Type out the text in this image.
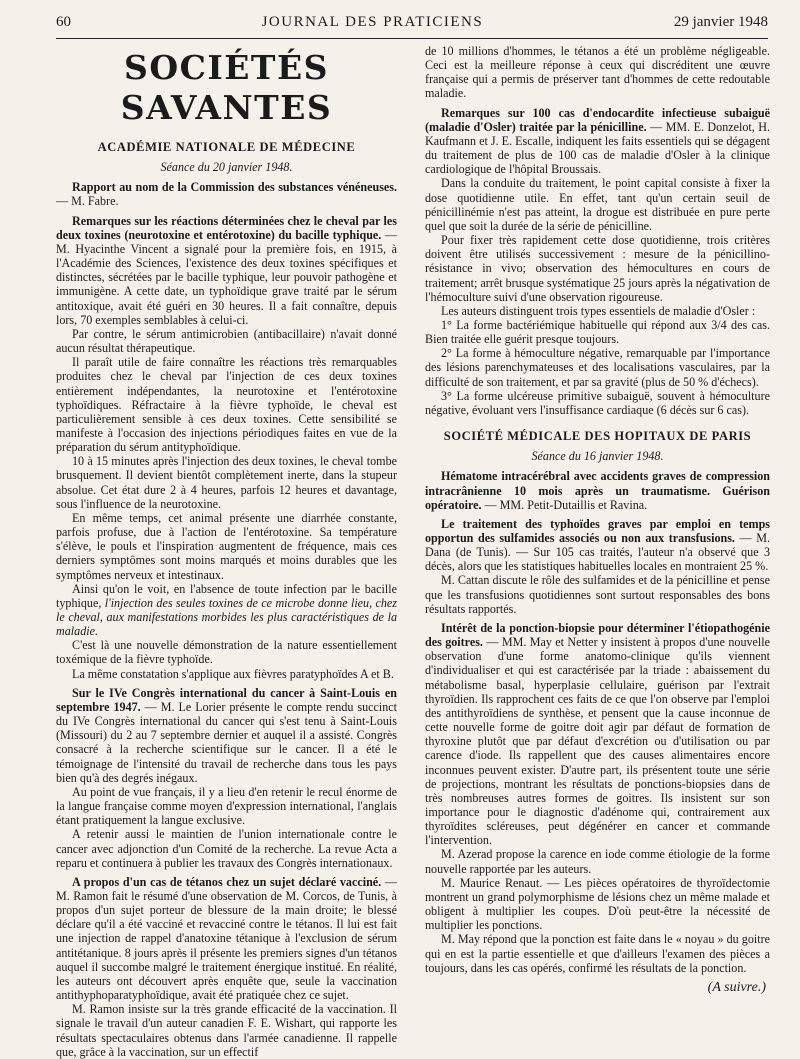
60	JOURNAL DES PRATICIENS	29 janvier 1948
SOCIÉTÉS SAVANTES
ACADÉMIE NATIONALE DE MÉDECINE
Séance du 20 janvier 1948.

Rapport au nom de la Commission des substances vénéneuses. — M. Fabre.

Remarques sur les réactions déterminées chez le cheval par les deux toxines (neurotoxine et entérotoxine) du bacille typhique. — M. Hyacinthe Vincent a signalé pour la première fois, en 1915, à l'Académie des Sciences, l'existence des deux toxines spécifiques et distinctes, sécrétées par le bacille typhique, leur pouvoir pathogène et immunigène. A cette date, un typhoïdique grave traité par le sérum antitoxique, avait été guéri en 30 heures. Il a fait connaître, depuis lors, 70 exemples semblables à celui-ci.

Par contre, le sérum antimicrobien (antibacillaire) n'avait donné aucun résultat thérapeutique.

Il paraît utile de faire connaître les réactions très remarquables produites chez le cheval par l'injection de ces deux toxines entièrement indépendantes, la neurotoxine et l'entérotoxine typhoïdiques. Réfractaire à la fièvre typhoïde, le cheval est particulièrement sensible à ces deux toxines. Cette sensibilité se manifeste à l'occasion des injections périodiques faites en vue de la préparation du sérum antityphoïdique.

10 à 15 minutes après l'injection des deux toxines, le cheval tombe brusquement. Il devient bientôt complètement inerte, dans la stupeur absolue. Cet état dure 2 à 4 heures, parfois 12 heures et davantage, sous l'influence de la neurotoxine.

En même temps, cet animal présente une diarrhée constante, parfois profuse, due à l'action de l'entérotoxine. Sa température s'élève, le pouls et l'inspiration augmentent de fréquence, mais ces derniers symptômes sont moins marqués et moins durables que les symptômes nerveux et intestinaux.

Ainsi qu'on le voit, en l'absence de toute infection par le bacille typhique, l'injection des seules toxines de ce microbe donne lieu, chez le cheval, aux manifestations morbides les plus caractéristiques de la maladie.

C'est là une nouvelle démonstration de la nature essentiellement toxémique de la fièvre typhoïde.

La même constatation s'applique aux fièvres paratyphoïdes A et B.

Sur le IVe Congrès international du cancer à Saint-Louis en septembre 1947. — M. Le Lorier présente le compte rendu succinct du IVe Congrès international du cancer qui s'est tenu à Saint-Louis (Missouri) du 2 au 7 septembre dernier et auquel il a assisté. Congrès consacré à la recherche scientifique sur le cancer. Il a été le témoignage de l'intensité du travail de recherche dans tous les pays bien qu'à des degrés inégaux.

Au point de vue français, il y a lieu d'en retenir le recul énorme de la langue française comme moyen d'expression international, l'anglais étant pratiquement la langue exclusive.

A retenir aussi le maintien de l'union internationale contre le cancer avec adjonction d'un Comité de la recherche. La revue Acta a reparu et continuera à publier les travaux des Congrès internationaux.

A propos d'un cas de tétanos chez un sujet déclaré vacciné. — M. Ramon fait le résumé d'une observation de M. Corcos, de Tunis, à propos d'un sujet porteur de blessure de la main droite; le blessé déclare qu'il a été vacciné et revacciné contre le tétanos. Il lui est fait une injection de rappel d'anatoxine tétanique à l'exclusion de sérum antitétanique. 8 jours après il présente les premiers signes d'un tétanos auquel il succombe malgré le traitement énergique institué. En réalité, les auteurs ont découvert après enquête que, seule la vaccination antithyphoparatyphoïdique, avait été pratiquée chez ce sujet.

M. Ramon insiste sur la très grande efficacité de la vaccination. Il signale le travail d'un auteur canadien F. E. Wishart, qui rapporte les résultats spectaculaires obtenus dans l'armée canadienne. Il rappelle que, grâce à la vaccination, sur un effectif

de 10 millions d'hommes, le tétanos a été un problème négligeable. Ceci est la meilleure réponse à ceux qui discréditent une œuvre française qui a permis de préserver tant d'hommes de cette redoutable maladie.

Remarques sur 100 cas d'endocardite infectieuse subaiguë (maladie d'Osler) traitée par la pénicilline. — MM. E. Donzelot, H. Kaufmann et J. E. Escalle, indiquent les faits essentiels qui se dégagent du traitement de plus de 100 cas de maladie d'Osler à la clinique cardiologique de l'hôpital Broussais.

Dans la conduite du traitement, le point capital consiste à fixer la dose quotidienne utile. En effet, tant qu'un certain seuil de pénicillinémie n'est pas atteint, la drogue est distribuée en pure perte quel que soit la durée de la série de pénicilline.

Pour fixer très rapidement cette dose quotidienne, trois critères doivent être utilisés successivement : mesure de la pénicillino-résistance in vivo; observation des hémocultures en cours de traitement; arrêt brusque systématique 25 jours après la négativation de l'hémoculture suivi d'une observation rigoureuse.

Les auteurs distinguent trois types essentiels de maladie d'Osler :

1° La forme bactériémique habituelle qui répond aux 3/4 des cas. Bien traitée elle guérit presque toujours.

2° La forme à hémoculture négative, remarquable par l'importance des lésions parenchymateuses et des localisations vasculaires, par la difficulté de son traitement, et par sa gravité (plus de 50 % d'échecs).

3° La forme ulcéreuse primitive subaiguë, souvent à hémoculture négative, évoluant vers l'insuffisance cardiaque (6 décès sur 6 cas).

SOCIÉTÉ MÉDICALE DES HOPITAUX DE PARIS
Séance du 16 janvier 1948.

Hématome intracérébral avec accidents graves de compression intracrânienne 10 mois après un traumatisme. Guérison opératoire. — MM. Petit-Dutaillis et Ravina.

Le traitement des typhoïdes graves par emploi en temps opportun des sulfamides associés ou non aux transfusions. — M. Dana (de Tunis). — Sur 105 cas traités, l'auteur n'a observé que 3 décès, alors que les statistiques habituelles locales en montraient 25 %.

M. Cattan discute le rôle des sulfamides et de la pénicilline et pense que les transfusions quotidiennes sont surtout responsables des bons résultats rapportés.

Intérêt de la ponction-biopsie pour déterminer l'étiopathogénie des goitres. — MM. May et Netter y insistent à propos d'une nouvelle observation d'une forme anatomo-clinique qu'ils viennent d'individualiser et qui est caractérisée par la triade : abaissement du métabolisme basal, hyperplasie cellulaire, guérison par l'extrait thyroïdien. Ils rapprochent ces faits de ce que l'on observe par l'emploi des antithyroïdiens de synthèse, et pensent que la cause inconnue de cette nouvelle forme de goitre doit agir par défaut de formation de thyroxine plutôt que par défaut d'excrétion ou d'utilisation ou par carence d'iode. Ils rappellent que des causes alimentaires encore inconnues peuvent exister. D'autre part, ils présentent toute une série de projections, montrant les résultats de ponctions-biopsies dans de très nombreuses autres formes de goitres. Ils insistent sur son importance pour le diagnostic d'adénome qui, contrairement aux thyroïdites scléreuses, peut dégénérer en cancer et commande l'intervention.

M. Azerad propose la carence en iode comme étiologie de la forme nouvelle rapportée par les auteurs.

M. Maurice Renaut. — Les pièces opératoires de thyroïdectomie montrent un grand polymorphisme de lésions chez un même malade et obligent à multiplier les coupes. D'où peut-être la nécessité de multiplier les ponctions.

M. May répond que la ponction est faite dans le « noyau » du goitre qui en est la partie essentielle et que d'ailleurs l'examen des pièces a toujours, dans les cas opérés, confirmé les résultats de la ponction.

(A suivre.)
